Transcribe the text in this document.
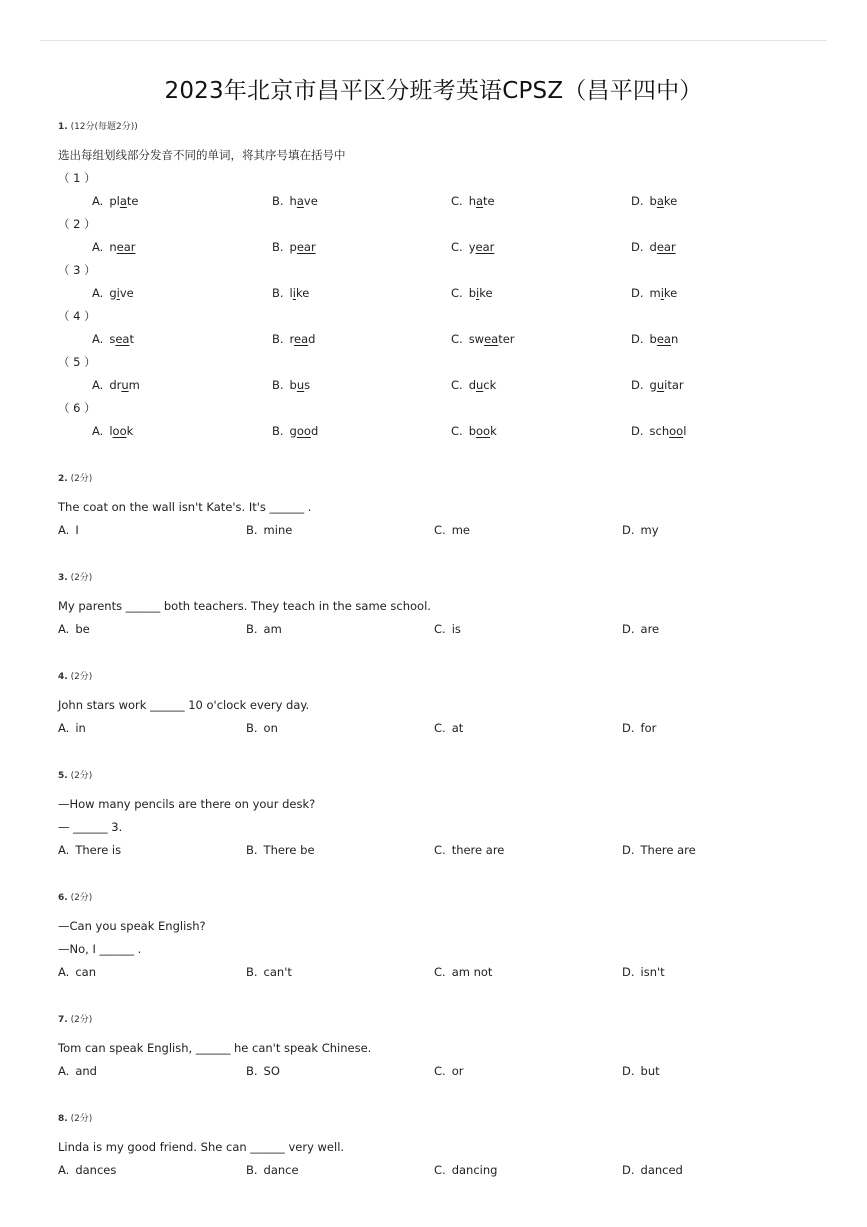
2023年北京市昌平区分班考英语CPSZ（昌平四中）
1. (12分(每题2分))
选出每组划线部分发音不同的单词，将其序号填在括号中
（ 1 ）
A. plate	B. have	C. hate	D. bake
（ 2 ）
A. near	B. pear	C. year	D. dear
（ 3 ）
A. give	B. like	C. bike	D. mike
（ 4 ）
A. seat	B. read	C. sweater	D. bean
（ 5 ）
A. drum	B. bus	C. duck	D. guitar
（ 6 ）
A. look	B. good	C. book	D. school
2. (2分)
The coat on the wall isn't Kate's. It's ______ .
A. I	B. mine	C. me	D. my
3. (2分)
My parents ______ both teachers. They teach in the same school.
A. be	B. am	C. is	D. are
4. (2分)
John stars work ______ 10 o'clock every day.
A. in	B. on	C. at	D. for
5. (2分)
—How many pencils are there on your desk?
— ______ 3.
A. There is	B. There be	C. there are	D. There are
6. (2分)
—Can you speak English?
—No, I ______ .
A. can	B. can't	C. am not	D. isn't
7. (2分)
Tom can speak English, ______ he can't speak Chinese.
A. and	B. SO	C. or	D. but
8. (2分)
Linda is my good friend. She can ______ very well.
A. dances	B. dance	C. dancing	D. danced
